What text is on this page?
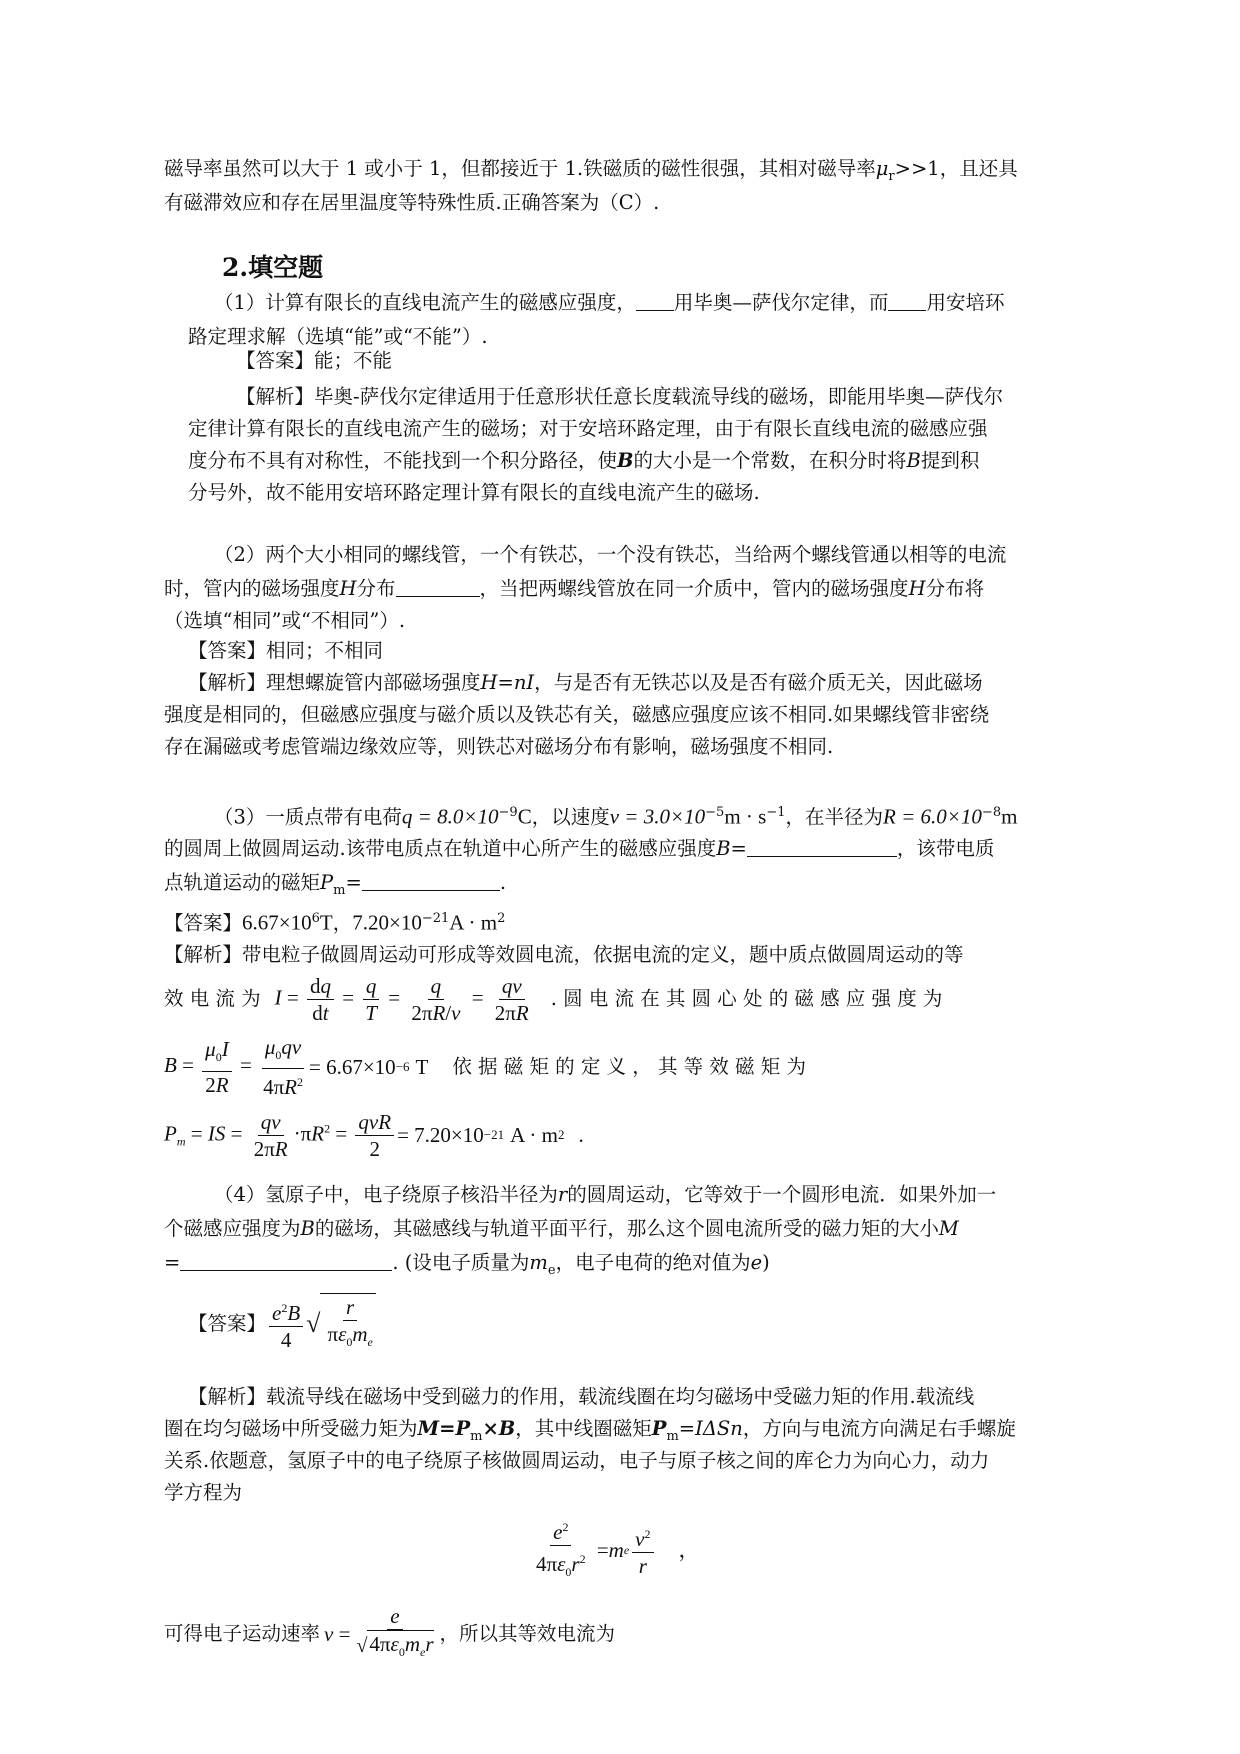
磁导率虽然可以大于 1 或小于 1，但都接近于 1.铁磁质的磁性很强，其相对磁导率$\mu_r>>1$，且还具
有磁滞效应和存在居里温度等特殊性质.正确答案为（C）.
2.填空题
（1）计算有限长的直线电流产生的磁感应强度， 用毕奥—萨伐尔定律，而 用安培环
路定理求解（选填“能”或“不能”）.
【答案】能；不能
【解析】毕奥-萨伐尔定律适用于任意形状任意长度载流导线的磁场，即能用毕奥—萨伐尔
定律计算有限长的直线电流产生的磁场；对于安培环路定理，由于有限长直线电流的磁感应强
度分布不具有对称性，不能找到一个积分路径，使B的大小是一个常数，在积分时将B提到积
分号外，故不能用安培环路定理计算有限长的直线电流产生的磁场.
（2）两个大小相同的螺线管，一个有铁芯，一个没有铁芯，当给两个螺线管通以相等的电流
时，管内的磁场强度H分布	，当把两螺线管放在同一介质中，管内的磁场强度H分布将
（选填“相同”或“不相同”）.
【答案】相同；不相同
【解析】理想螺旋管内部磁场强度H=nI，与是否有无铁芯以及是否有磁介质无关，因此磁场
强度是相同的，但磁感应强度与磁介质以及铁芯有关，磁感应强度应该不相同.如果螺线管非密绕
存在漏磁或考虑管端边缘效应等，则铁芯对磁场分布有影响，磁场强度不相同.
（3）一质点带有电荷$q = 8.0\times 10^{-9}C$，以速度$v = 3.0\times 10^{-5}m \cdot s^{-1}$，在半径为$R = 6.0\times 10^{-8}m$
的圆周上做圆周运动.该带电质点在轨道中心所产生的磁感应强度B=	，该带电质
点轨道运动的磁矩$P_m=$	.
【答案】$6.67\times 10^6T$，$7.20\times 10^{-21}A \cdot m^2$
【解析】带电粒子做圆周运动可形成等效圆电流，依据电流的定义，题中质点做圆周运动的等
效 电 流 为 $I = \frac{dq}{dt} = \frac{q}{T} = \frac{q}{2\pi R/v} = \frac{qv}{2\pi R}$ . 圆 电 流 在 其 圆 心 处 的 磁 感 应 强 度 为
$B = \frac{\mu_0I}{2R} = \frac{\mu_0qv}{4\pi R^2} = 6.67\times 10 -6$ T 依 据 磁 矩 的 定 义 ， 其 等 效 磁 矩 为
$P_m$ = IS = $\frac{qv}{2\pi R} \cdot\pi R^2 = \frac{\text{qvR}}{2} = 7.20\times 10 -21$ A · m 2 .
（4）氢原子中，电子绕原子核沿半径为r的圆周运动，它等效于一个圆形电流．如果外加一
个磁感应强度为B的磁场，其磁感线与轨道平面平行，那么这个圆电流所受的磁力矩的大小M
=	. (设电子质量为$m_e$，电子电荷的绝对值为e)
【答案】 $\frac{e^2B}{4}$ √ $\frac{r}{\pi\varepsilon_0m_e}$
【解析】载流导线在磁场中受到磁力的作用，载流线圈在均匀磁场中受磁力矩的作用.载流线
圈在均匀磁场中所受磁力矩为$M=P_m\times B$，其中线圈磁矩$P_m=I\Delta Sn$，方向与电流方向满足右手螺旋
关系.依题意，氢原子中的电子绕原子核做圆周运动，电子与原子核之间的库仑力为向心力，动力
学方程为
$\frac{e^2}{4\pi\varepsilon_0r^2} = m$ e $\frac{v^2}{r}$ ，
可得电子运动速率 $v = \frac{e}{√4\pi\varepsilon_0m_er}$ ，所以其等效电流为
